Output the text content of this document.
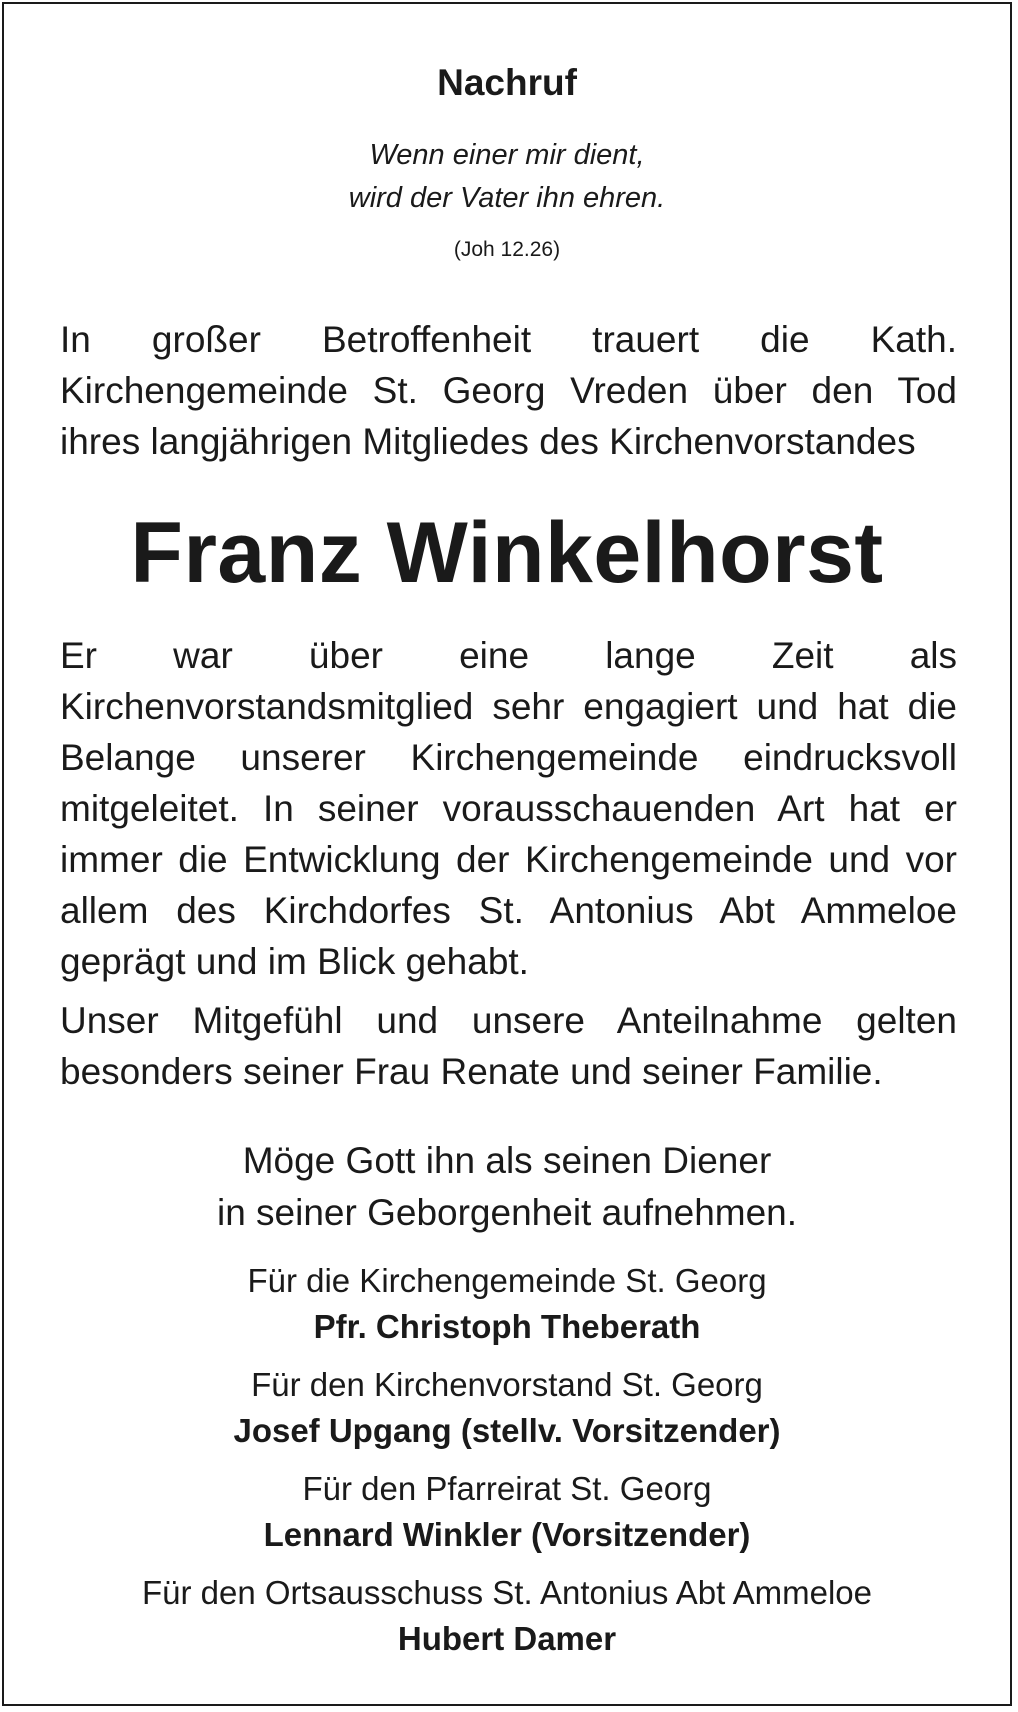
Nachruf
Wenn einer mir dient,
wird der Vater ihn ehren.
(Joh 12.26)

In großer Betroffenheit trauert die Kath. Kirchengemeinde St. Georg Vreden über den Tod ihres langjährigen Mitgliedes des Kirchenvorstandes

Franz Winkelhorst

Er war über eine lange Zeit als Kirchenvorstandsmitglied sehr engagiert und hat die Belange unserer Kirchengemeinde eindrucksvoll mitgeleitet. In seiner vorausschauenden Art hat er immer die Entwicklung der Kirchengemeinde und vor allem des Kirchdorfes St. Antonius Abt Ammeloe geprägt und im Blick gehabt.

Unser Mitgefühl und unsere Anteilnahme gelten besonders seiner Frau Renate und seiner Familie.

Möge Gott ihn als seinen Diener
in seiner Geborgenheit aufnehmen.
Für die Kirchengemeinde St. Georg
Pfr. Christoph Theberath
Für den Kirchenvorstand St. Georg
Josef Upgang (stellv. Vorsitzender)
Für den Pfarreirat St. Georg
Lennard Winkler (Vorsitzender)
Für den Ortsausschuss St. Antonius Abt Ammeloe
Hubert Damer
